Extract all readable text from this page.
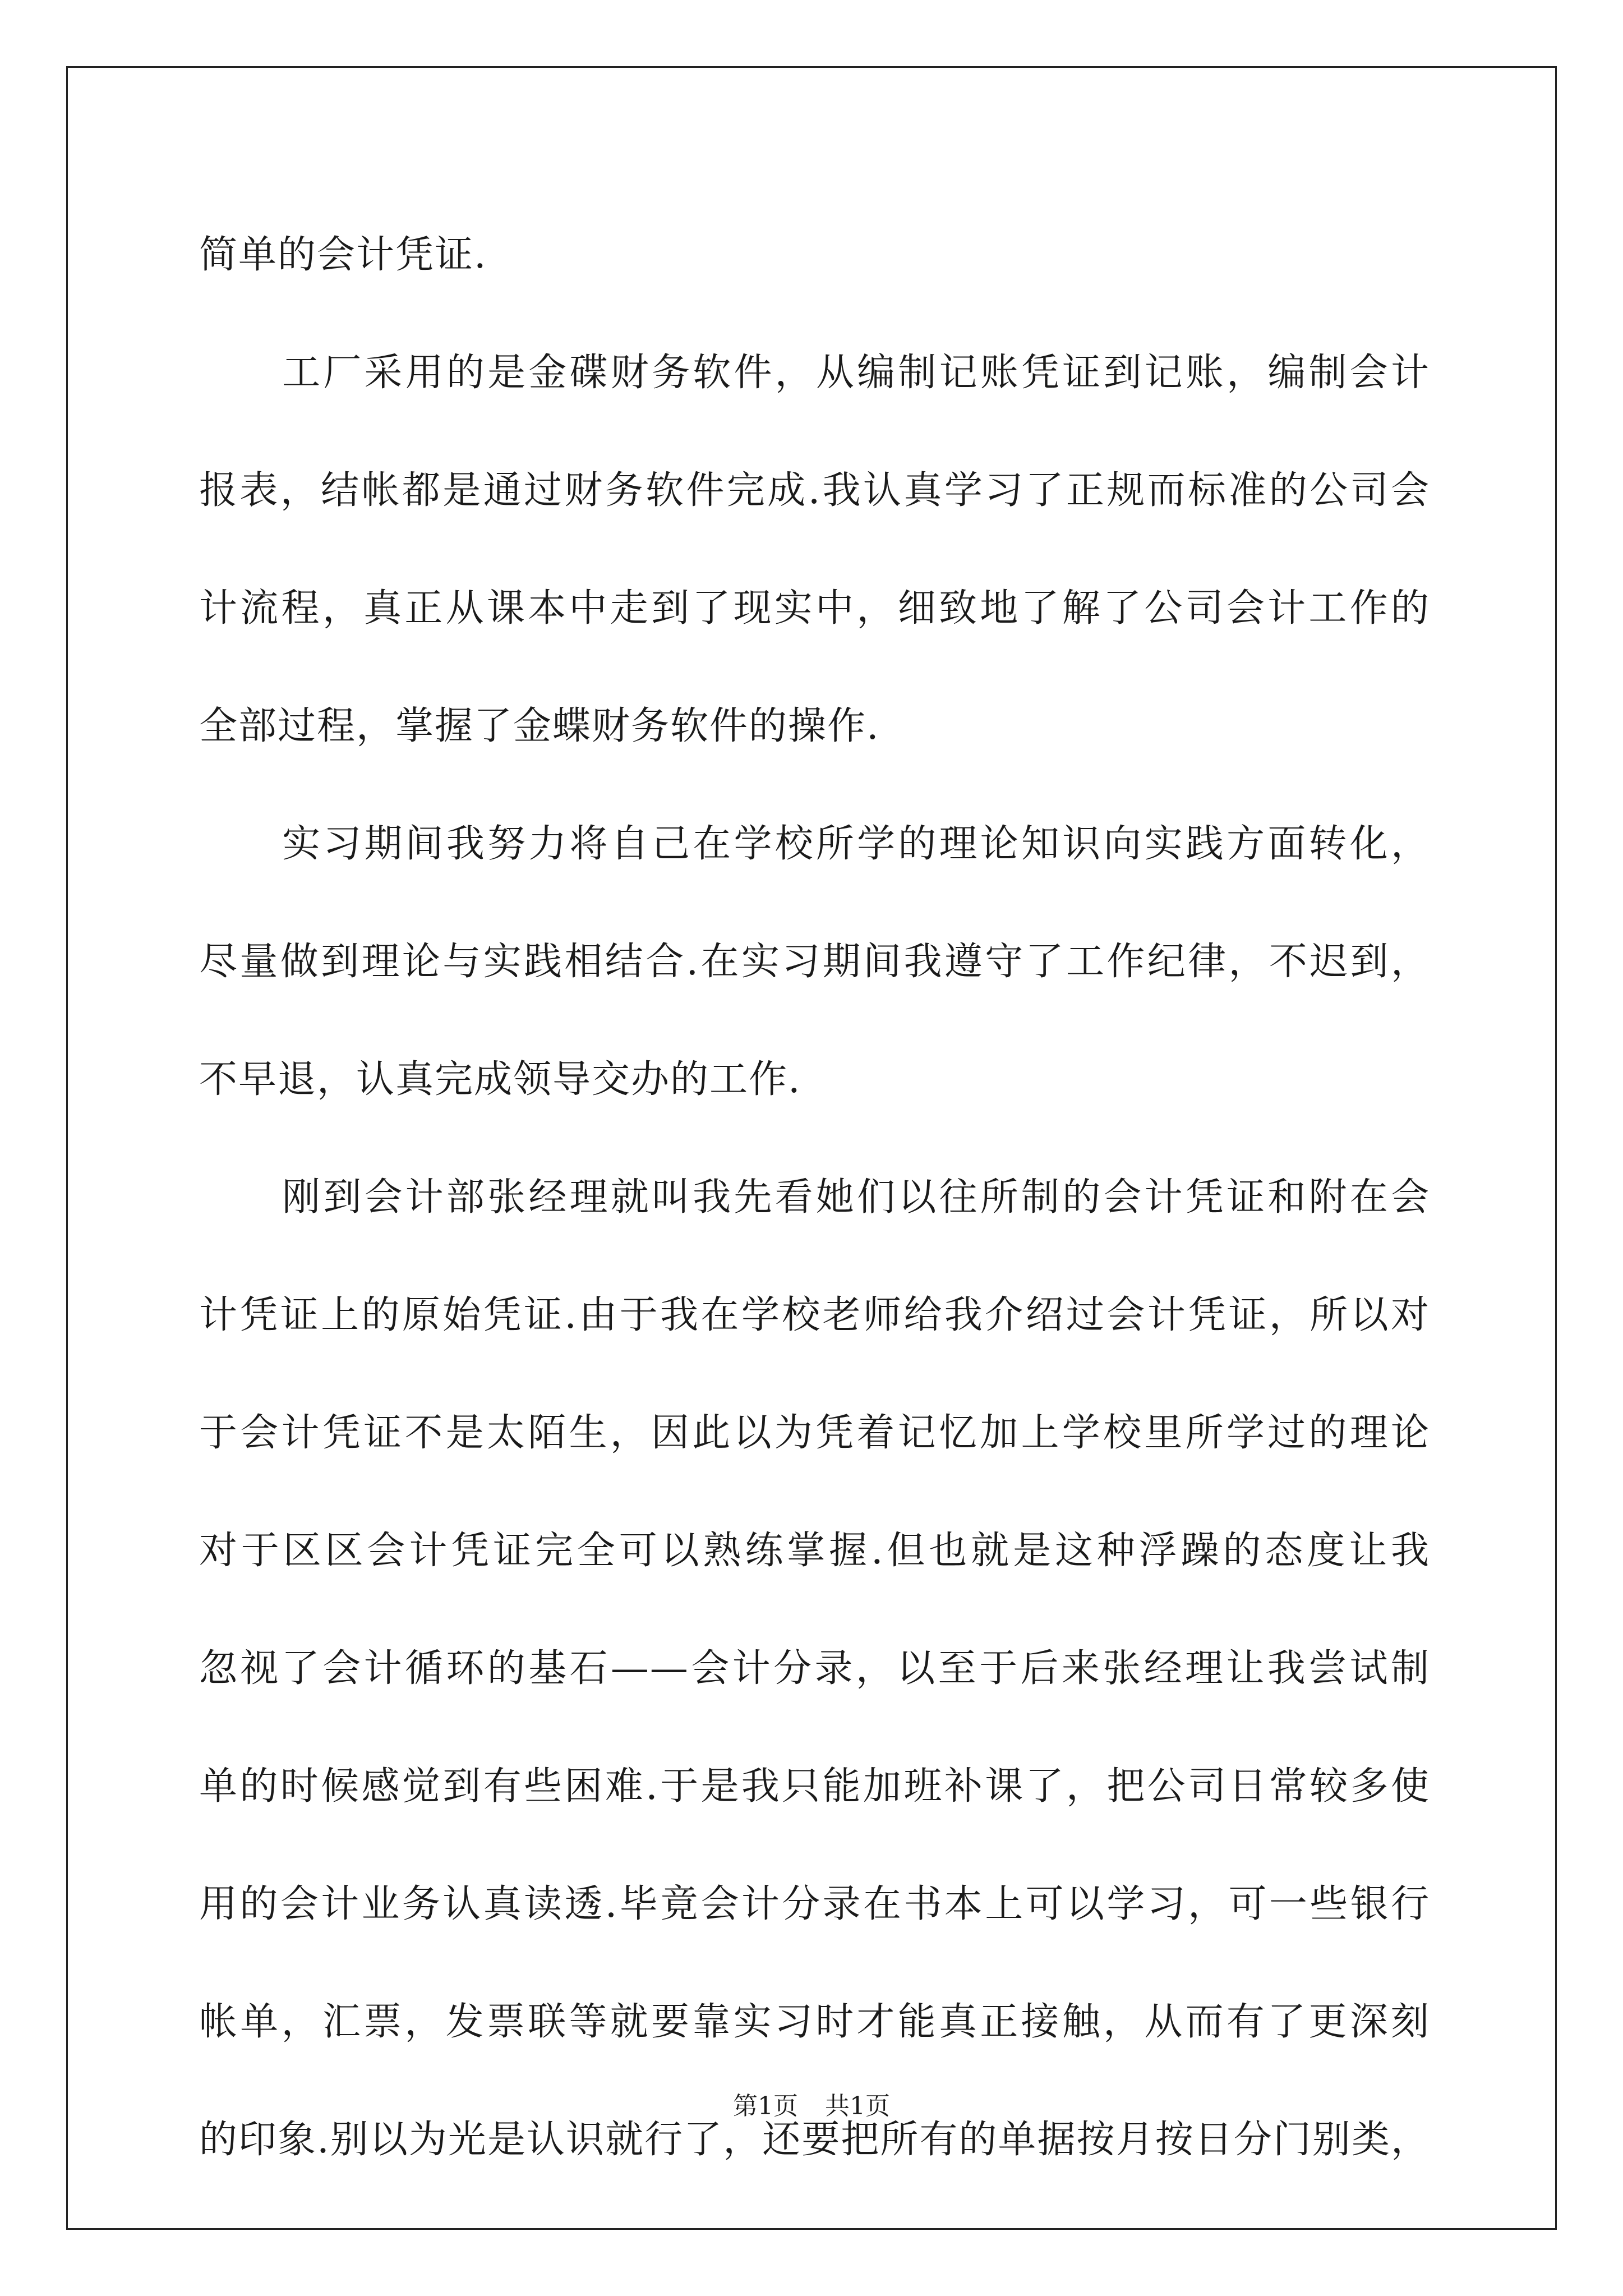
简单的会计凭证.
工厂采用的是金碟财务软件，从编制记账凭证到记账，编制会计
报表，结帐都是通过财务软件完成.我认真学习了正规而标准的公司会
计流程，真正从课本中走到了现实中，细致地了解了公司会计工作的
全部过程，掌握了金蝶财务软件的操作.
实习期间我努力将自己在学校所学的理论知识向实践方面转化，
尽量做到理论与实践相结合.在实习期间我遵守了工作纪律，不迟到，
不早退，认真完成领导交办的工作.
刚到会计部张经理就叫我先看她们以往所制的会计凭证和附在会
计凭证上的原始凭证.由于我在学校老师给我介绍过会计凭证，所以对
于会计凭证不是太陌生，因此以为凭着记忆加上学校里所学过的理论
对于区区会计凭证完全可以熟练掌握.但也就是这种浮躁的态度让我
忽视了会计循环的基石——会计分录，以至于后来张经理让我尝试制
单的时候感觉到有些困难.于是我只能加班补课了，把公司日常较多使
用的会计业务认真读透.毕竟会计分录在书本上可以学习，可一些银行
帐单，汇票，发票联等就要靠实习时才能真正接触，从而有了更深刻
的印象.别以为光是认识就行了，还要把所有的单据按月按日分门别类，
第1页 共1页
